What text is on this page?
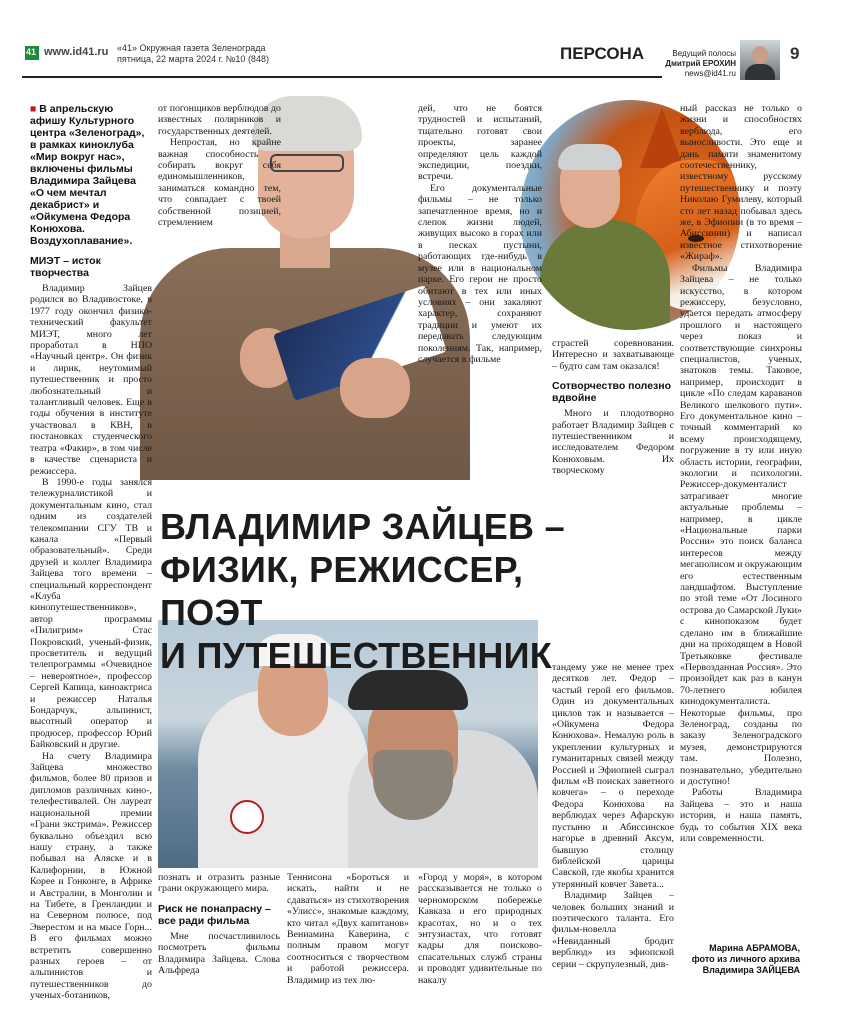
41
www.id41.ru «41» Окружная газета Зеленограда
пятница, 22 марта 2024 г. №10 (848)	ПЕРСОНА	Ведущий полосы
Дмитрий ЕРОХИН
news@id41.ru
9
ВЛАДИМИР ЗАЙЦЕВ –
ФИЗИК, РЕЖИССЕР, ПОЭТ
И ПУТЕШЕСТВЕННИК

■ В апрельскую афишу Культурного центра «Зеленоград», в рамках киноклуба «Мир вокруг нас», включены фильмы Владимира Зайцева «О чем мечтал декабрист» и «Ойкумена Федора Конюхова. Воздухоплавание».

МИЭТ – исток творчества

Владимир Зайцев родился во Владивостоке, в 1977 году окончил физико-технический факультет МИЭТ, много лет проработал в НПО «Научный центр». Он физик и лирик, неутомимый путешественник и просто любознательный и талантливый человек. Еще в годы обучения в институте участвовал в КВН, в постановках студенческого театра «Факир», в том числе в качестве сценариста и режиссера.

В 1990-е годы занялся тележурналистикой и документальным кино, стал одним из создателей телекомпании СГУ ТВ и канала «Первый образовательный». Среди друзей и коллег Владимира Зайцева того времени – специальный корреспондент «Клуба кинопутешественников», автор программы «Пилигрим» Стас Покровский, ученый-физик, просветитель и ведущий телепрограммы «Очевидное – невероятное», профессор Сергей Капица, кинoaктриса и режиссер Наталья Бондарчук, альпинист, высотный оператор и продюсер, профессор Юрий Байковский и другие.

На счету Владимира Зайцева множество фильмов, более 80 призов и дипломов различных кино-, телефестивалей. Он лауреат национальной премии «Грани экстрима». Режиссер буквально объездил всю нашу страну, а также побывал на Аляске и в Калифорнии, в Южной Корее и Гонконге, в Африке и Австралии, в Монголии и на Тибете, в Гренландии и на Северном полюсе, под Эверестом и на мысе Горн... В его фильмах можно встретить совершенно разных героев – от альпинистов и путешественников до ученых-ботаников,

от погонщиков верблюдов до известных полярников и государственных деятелей.

Непростая, но крайне важная способность – собирать вокруг себя единомышленников, заниматься командно тем, что совпадает с твоей собственной позицией, стремлением

познать и отразить разные грани окружающего мира.

Риск не понапрасну – все ради фильма

Мне посчастливилось посмотреть фильмы Владимира Зайцева. Слова Альфреда

Теннисона «Бороться и искать, найти и не сдаваться» из стихотворения «Улисс», знакомые каждому, кто читал «Двух капитанов» Вениамина Каверина, с полным правом могут соотноситься с творчеством и работой режиссера. Владимир из тех лю-

дей, что не боятся трудностей и испытаний, тщательно готовят свои проекты, заранее определяют цель каждой экспедиции, поездки, встречи.

Его документальные фильмы – не только запечатленное время, но и слепок жизни людей, живущих высоко в горах или в песках пустыни, работающих где-нибудь в музее или в национальном парке. Его герои не просто обитают в тех или иных условиях – они закаляют характер, сохраняют традиции и умеют их передавать следующим поколениям. Так, например, случается в фильме

«Город у моря», в котором рассказывается не только о черноморском побережье Кавказа и его природных красотах, но и о тех энтузиастах, что готовят кадры для поисково-спасательных служб страны и проводят удивительные по накалу

страстей соревнования. Интересно и захватывающе – будто сам там оказался!

Сотворчество полезно вдвойне

Много и плодотворно работает Владимир Зайцев с путешественником и исследователем Федором Конюховым. Их творческому

тандему уже не менее трех десятков лет. Федор – частый герой его фильмов. Один из документальных циклов так и называется – «Ойкумена Федора Конюхова». Немалую роль в укреплении культурных и гуманитарных связей между Россией и Эфиопией сыграл фильм «В поисках заветного ковчега» – о переходе Федора Конюхова на верблюдах через Афарскую пустыню и Абиссинское нагорье в древний Аксум, бывшую столицу библейской царицы Савской, где якобы хранится утерянный ковчег Завета...

Владимир Зайцев – человек больших знаний и поэтического таланта. Его фильм-новелла «Невиданный бродит верблюд» из эфиопской серии – скрупулезный, див-

ный рассказ не только о жизни и способностях верблюда, его выносливости. Это еще и дань памяти знаменитому соотечественнику, известному русскому путешественнику и поэту Николаю Гумилеву, который сто лет назад побывал здесь же, в Эфиопии (в то время – Абиссинии) и написал известное стихотворение «Жираф».

Фильмы Владимира Зайцева – не только искусство, в котором режиссеру, безусловно, удается передать атмосферу прошлого и настоящего через показ и соответствующие синхроны специалистов, ученых, знатоков темы. Таковое, например, происходит в цикле «По следам караванов Великого шелкового пути». Его документальное кино – точный комментарий ко всему происходящему, погружение в ту или иную область истории, географии, экологии и психологии. Режиссер-документалист затрагивает многие актуальные проблемы – например, в цикле «Национальные парки России» это поиск баланса интересов между мегаполисом и окружающим его естественным ландшафтом. Выступление по этой теме «От Лосиного острова до Самарской Луки» с кинопоказом будет сделано им в ближайшие дни на проходящем в Новой Третьяковке фестивале «Первозданная Россия». Это произойдет как раз в канун 70-летнего юбилея кинодокументалиста. Некоторые фильмы, про Зеленоград, созданы по заказу Зеленоградского музея, демонстрируются там. Полезно, познавательно, убедительно и доступно!

Работы Владимира Зайцева – это и наша история, и наша память, будь то события XIX века или современности.

Марина АБРАМОВА,
фото из личного архива
Владимира ЗАЙЦЕВА
